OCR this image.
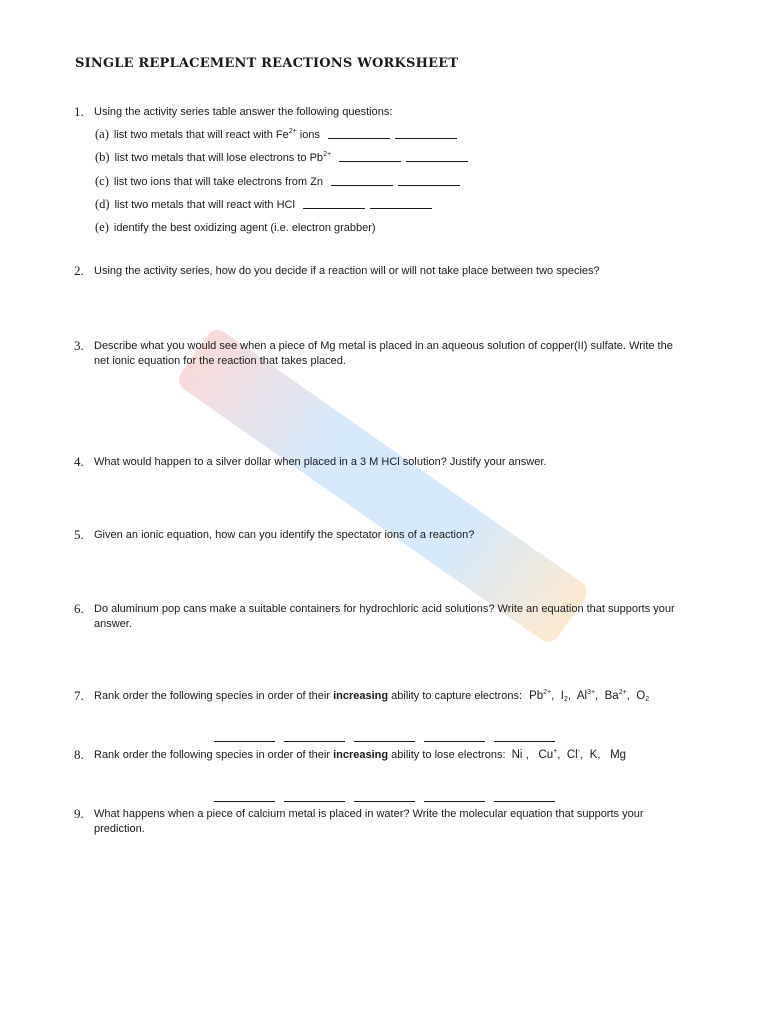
SINGLE REPLACEMENT REACTIONS WORKSHEET
1. Using the activity series table answer the following questions:
(a) list two metals that will react with $Fe^{2+}$ ions
(b) list two metals that will lose electrons to $Pb^{2+}$
(c) list two ions that will take electrons from Zn
(d) list two metals that will react with HCl
(e) identify the best oxidizing agent (i.e. electron grabber)
2. Using the activity series, how do you decide if a reaction will or will not take place between two species?
3. Describe what you would see when a piece of Mg metal is placed in an aqueous solution of copper(II) sulfate. Write the net ionic equation for the reaction that takes placed.
4. What would happen to a silver dollar when placed in a 3 M HCl solution? Justify your answer.
5. Given an ionic equation, how can you identify the spectator ions of a reaction?
6. Do aluminum pop cans make a suitable containers for hydrochloric acid solutions? Write an equation that supports your answer.
7. Rank order the following species in order of their increasing ability to capture electrons: $Pb^{2+}$, $I_2$, $Al^{3+}$, $Ba^{2+}$, $O_2$
8. Rank order the following species in order of their increasing ability to lose electrons: Ni , Cu+, Cl-, K, Mg
9. What happens when a piece of calcium metal is placed in water? Write the molecular equation that supports your prediction.
